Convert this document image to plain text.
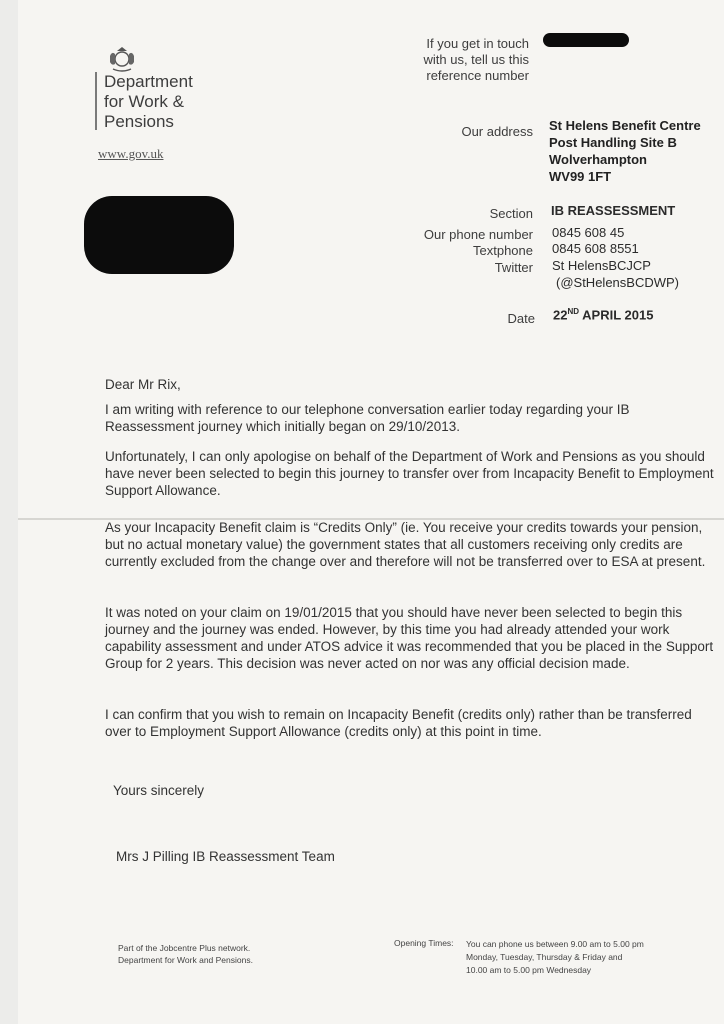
Department
for Work &
Pensions
www.gov.uk
If you get in touch with us, tell us this reference number
Our address St Helens Benefit Centre
Post Handling Site B
Wolverhampton
WV99 1FT
Section IB REASSESSMENT
Our phone number 0845 608 45
Textphone 0845 608 8551
Twitter St HelensBCJCP
(@StHelensBCDWP)
Date 22ND APRIL 2015
Dear Mr Rix,
I am writing with reference to our telephone conversation earlier today regarding your IB Reassessment journey which initially began on 29/10/2013.
Unfortunately, I can only apologise on behalf of the Department of Work and Pensions as you should have never been selected to begin this journey to transfer over from Incapacity Benefit to Employment Support Allowance.
As your Incapacity Benefit claim is “Credits Only” (ie. You receive your credits towards your pension, but no actual monetary value) the government states that all customers receiving only credits are currently excluded from the change over and therefore will not be transferred over to ESA at present.
It was noted on your claim on 19/01/2015 that you should have never been selected to begin this journey and the journey was ended. However, by this time you had already attended your work capability assessment and under ATOS advice it was recommended that you be placed in the Support Group for 2 years. This decision was never acted on nor was any official decision made.
I can confirm that you wish to remain on Incapacity Benefit (credits only) rather than be transferred over to Employment Support Allowance (credits only) at this point in time.
Yours sincerely
Mrs J Pilling IB Reassessment Team
Part of the Jobcentre Plus network.
Department for Work and Pensions.
Opening Times: You can phone us between 9.00 am to 5.00 pm
Monday, Tuesday, Thursday & Friday and
10.00 am to 5.00 pm Wednesday
